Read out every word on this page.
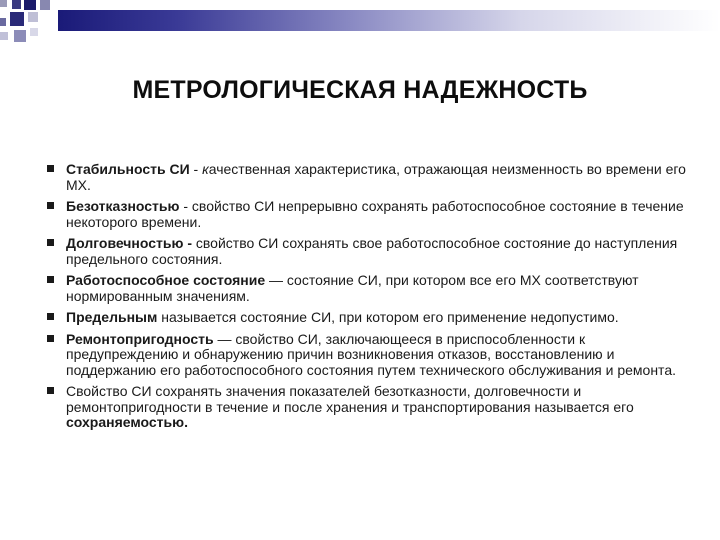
МЕТРОЛОГИЧЕСКАЯ НАДЕЖНОСТЬ
Стабильность СИ - качественная характеристика, отражающая неизменность во времени его МХ.
Безотказностью - свойство СИ непрерывно сохранять работоспособное состояние в течение некоторого времени.
Долговечностью - свойство СИ сохранять свое работоспособное состояние до наступления предельного состояния.
Работоспособное состояние — состояние СИ, при котором все его МХ соответствуют нормированным значениям.
Предельным называется состояние СИ, при котором его применение недопустимо.
Ремонтопригодность — свойство СИ, заключающееся в приспособленности к предупреждению и обнаружению причин возникновения отказов, восстановлению и поддержанию его работоспособного состояния путем технического обслуживания и ремонта.
Свойство СИ сохранять значения показателей безотказности, долговечности и ремонтопригодности в течение и после хранения и транспортирования называется его сохраняемостью.
